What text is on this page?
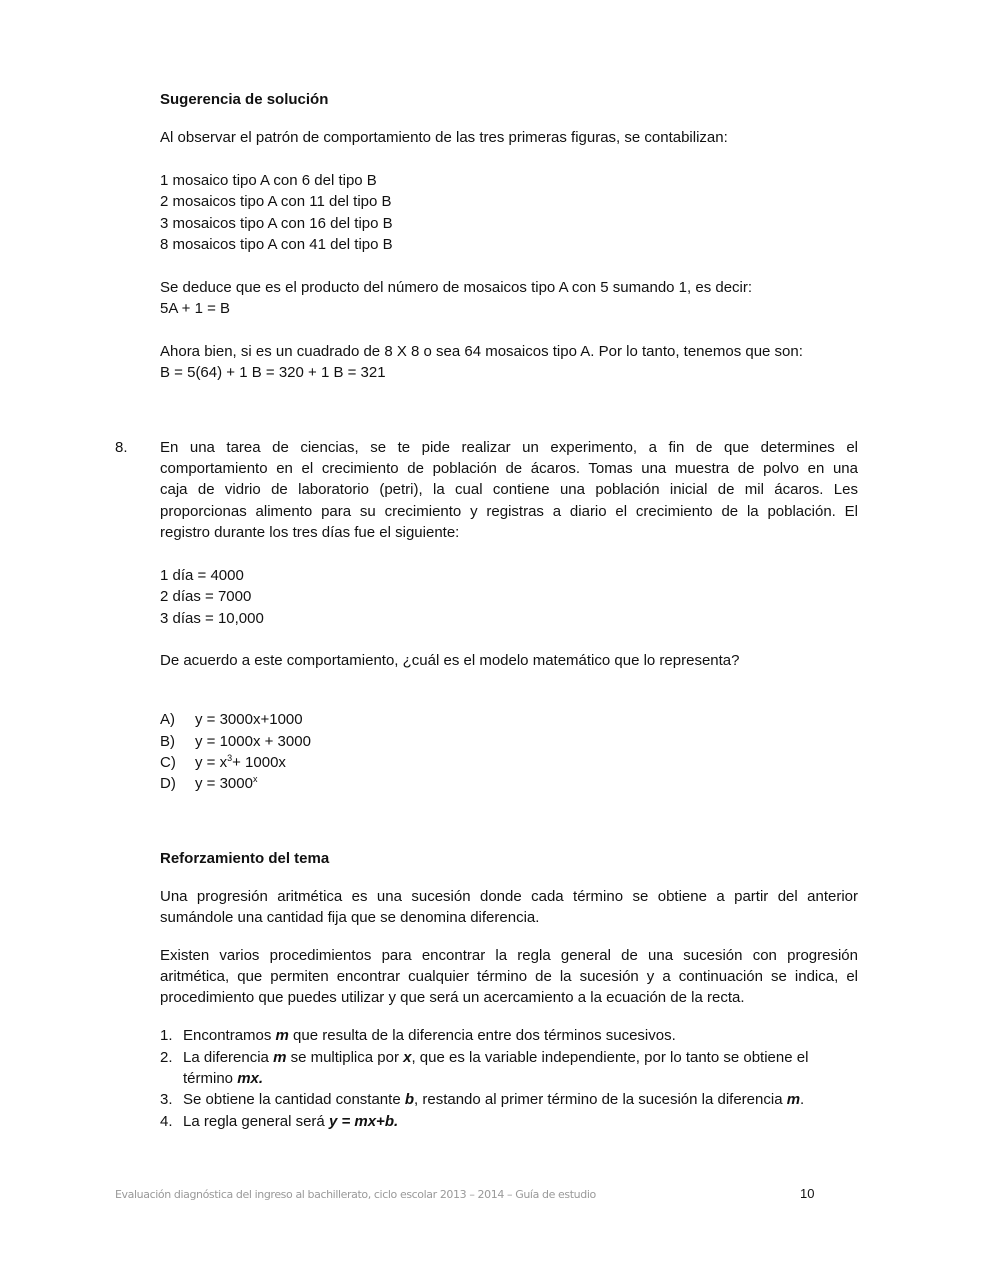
Sugerencia de solución
Al observar el patrón de comportamiento de las tres primeras figuras, se contabilizan:
1 mosaico tipo A con 6 del tipo B
2 mosaicos tipo A con 11 del tipo B
3 mosaicos tipo A con 16 del tipo B
8 mosaicos tipo A con 41 del tipo B
Se deduce que es el producto del número de mosaicos tipo A con 5 sumando 1, es decir:
5A + 1 = B
Ahora bien, si es un cuadrado de 8 X 8 o sea 64 mosaicos tipo A. Por lo tanto, tenemos que son:
B = 5(64) + 1 B = 320 + 1 B = 321
8. En una tarea de ciencias, se te pide realizar un experimento, a fin de que determines el
comportamiento en el crecimiento de población de ácaros. Tomas una muestra de polvo en una
caja de vidrio de laboratorio (petri), la cual contiene una población inicial de mil ácaros. Les
proporcionas alimento para su crecimiento y registras a diario el crecimiento de la población. El
registro durante los tres días fue el siguiente:
1 día = 4000
2 días = 7000
3 días = 10,000
De acuerdo a este comportamiento, ¿cuál es el modelo matemático que lo representa?
A) y = 3000x+1000
B) y = 1000x + 3000
C) $y = x^3+ 1000x$
D) $y = 3000^x$
Reforzamiento del tema
Una progresión aritmética es una sucesión donde cada término se obtiene a partir del anterior
sumándole una cantidad fija que se denomina diferencia.
Existen varios procedimientos para encontrar la regla general de una sucesión con progresión
aritmética, que permiten encontrar cualquier término de la sucesión y a continuación se indica, el
procedimiento que puedes utilizar y que será un acercamiento a la ecuación de la recta.
1. Encontramos m que resulta de la diferencia entre dos términos sucesivos.
2. La diferencia m se multiplica por x, que es la variable independiente, por lo tanto se obtiene el
término mx.
3. Se obtiene la cantidad constante b, restando al primer término de la sucesión la diferencia m.
4. La regla general será y = mx+b.
Evaluación diagnóstica del ingreso al bachillerato, ciclo escolar 2013 – 2014 – Guía de estudio	10
